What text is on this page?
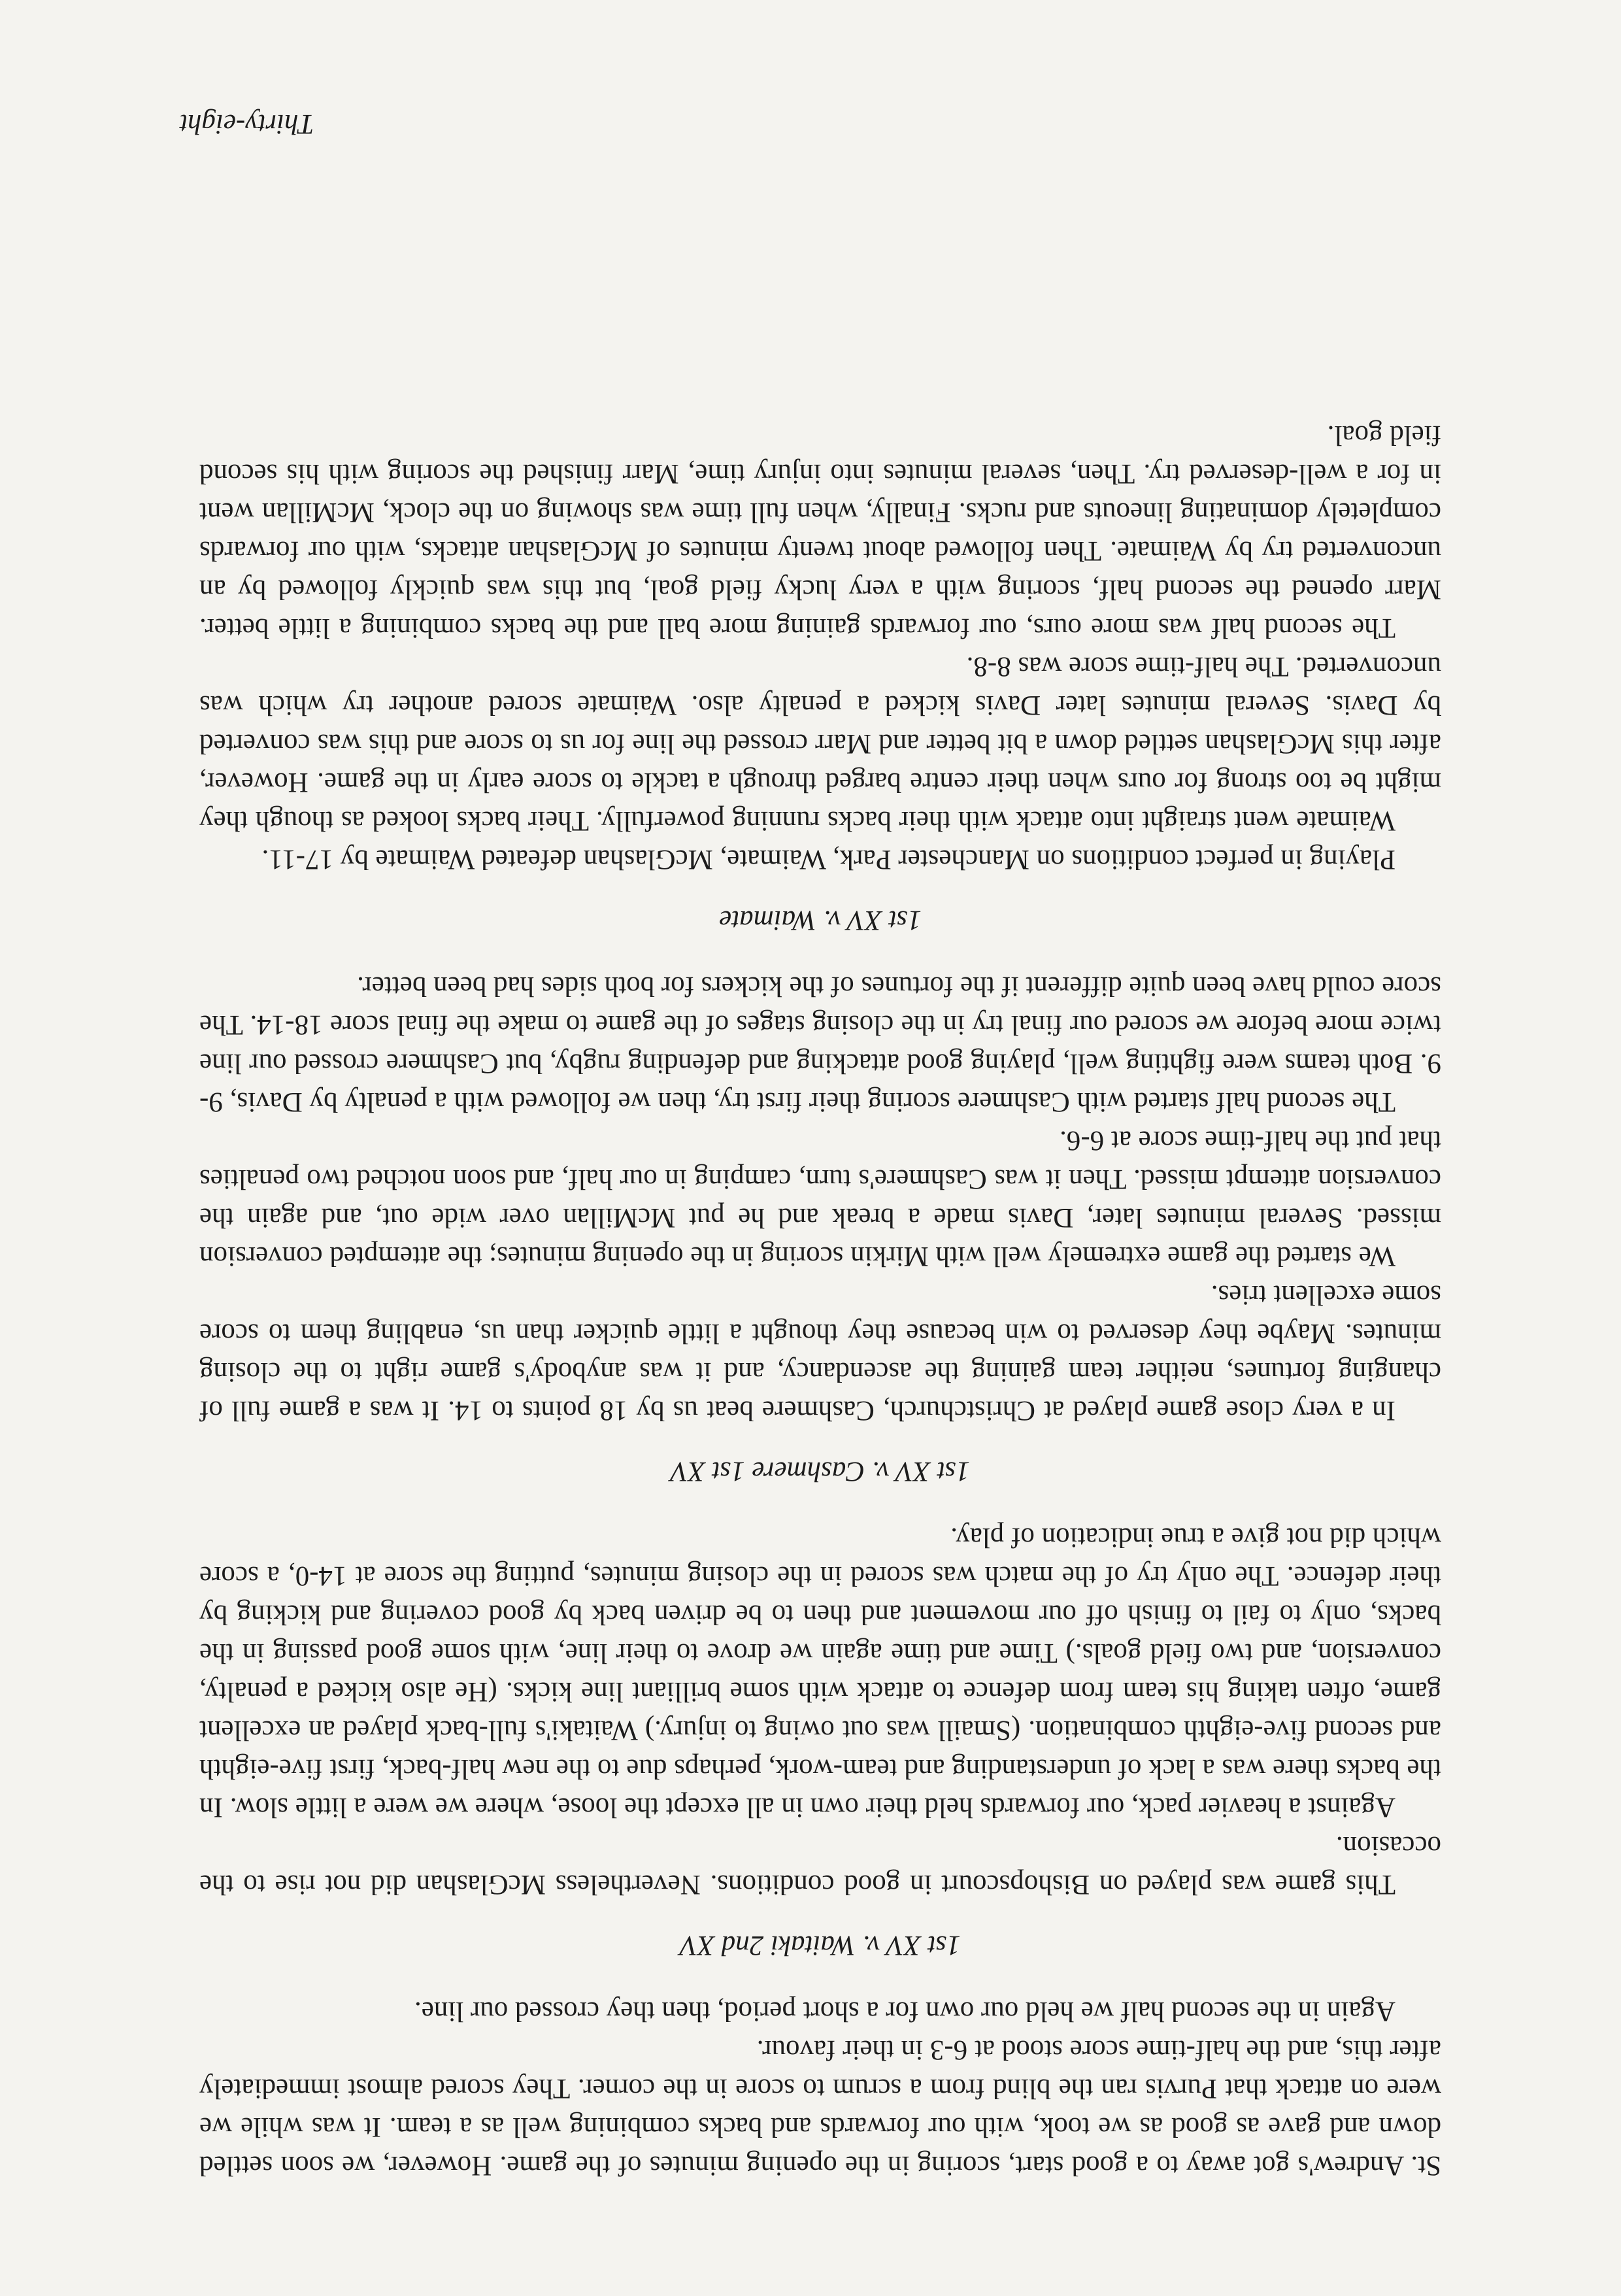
St. Andrew's got away to a good start, scoring in the opening minutes of the game. However, we soon settled down and gave as good as we took, with our forwards and backs combining well as a team. It was while we were on attack that Purvis ran the blind from a scrum to score in the corner. They scored almost immediately after this, and the half-time score stood at 6-3 in their favour.

Again in the second half we held our own for a short period, then they crossed our line.

1st XV v. Waitaki 2nd XV

This game was played on Bishopscourt in good conditions. Nevertheless McGlashan did not rise to the occasion.

Against a heavier pack, our forwards held their own in all except the loose, where we were a little slow. In the backs there was a lack of understanding and team-work, perhaps due to the new half-back, first five-eighth and second five-eighth combination. (Smaill was out owing to injury.) Waitaki's full-back played an excellent game, often taking his team from defence to attack with some brilliant line kicks. (He also kicked a penalty, conversion, and two field goals.) Time and time again we drove to their line, with some good passing in the backs, only to fail to finish off our movement and then to be driven back by good covering and kicking by their defence. The only try of the match was scored in the closing minutes, putting the score at 14-0, a score which did not give a true indication of play.

1st XV v. Cashmere 1st XV

In a very close game played at Christchurch, Cashmere beat us by 18 points to 14. It was a game full of changing fortunes, neither team gaining the ascendancy, and it was anybody's game right to the closing minutes. Maybe they deserved to win because they thought a little quicker than us, enabling them to score some excellent tries.

We started the game extremely well with Mirkin scoring in the opening minutes; the attempted conversion missed. Several minutes later, Davis made a break and he put McMillan over wide out, and again the conversion attempt missed. Then it was Cashmere's turn, camping in our half, and soon notched two penalties that put the half-time score at 6-6.

The second half started with Cashmere scoring their first try, then we followed with a penalty by Davis, 9-9. Both teams were fighting well, playing good attacking and defending rugby, but Cashmere crossed our line twice more before we scored our final try in the closing stages of the game to make the final score 18-14. The score could have been quite different if the fortunes of the kickers for both sides had been better.

1st XV v. Waimate

Playing in perfect conditions on Manchester Park, Waimate, McGlashan defeated Waimate by 17-11.

Waimate went straight into attack with their backs running powerfully. Their backs looked as though they might be too strong for ours when their centre barged through a tackle to score early in the game. However, after this McGlashan settled down a bit better and Marr crossed the line for us to score and this was converted by Davis. Several minutes later Davis kicked a penalty also. Waimate scored another try which was unconverted. The half-time score was 8-8.

The second half was more ours, our forwards gaining more ball and the backs combining a little better. Marr opened the second half, scoring with a very lucky field goal, but this was quickly followed by an unconverted try by Waimate. Then followed about twenty minutes of McGlashan attacks, with our forwards completely dominating lineouts and rucks. Finally, when full time was showing on the clock, McMillan went in for a well-deserved try. Then, several minutes into injury time, Marr finished the scoring with his second field goal.

Thirty-eight
